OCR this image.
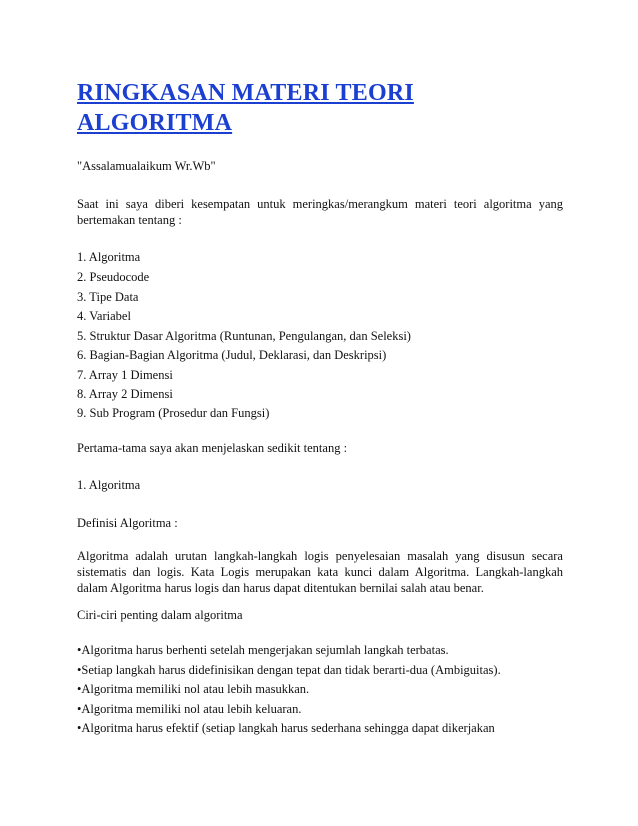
RINGKASAN MATERI TEORI ALGORITMA

"Assalamualaikum Wr.Wb"

Saat ini saya diberi kesempatan untuk meringkas/merangkum materi teori algoritma yang bertemakan tentang :

1. Algoritma
2. Pseudocode
3. Tipe Data
4. Variabel
5. Struktur Dasar Algoritma (Runtunan, Pengulangan, dan Seleksi)
6. Bagian-Bagian Algoritma (Judul, Deklarasi, dan Deskripsi)
7. Array 1 Dimensi
8. Array 2 Dimensi
9. Sub Program (Prosedur dan Fungsi)

Pertama-tama saya akan menjelaskan sedikit tentang :

1. Algoritma

Definisi Algoritma :

Algoritma adalah urutan langkah-langkah logis penyelesaian masalah yang disusun secara sistematis dan logis. Kata Logis merupakan kata kunci dalam Algoritma. Langkah-langkah dalam Algoritma harus logis dan harus dapat ditentukan bernilai salah atau benar.

Ciri-ciri penting dalam algoritma

•Algoritma harus berhenti setelah mengerjakan sejumlah langkah terbatas.
•Setiap langkah harus didefinisikan dengan tepat dan tidak berarti-dua (Ambiguitas).
•Algoritma memiliki nol atau lebih masukkan.
•Algoritma memiliki nol atau lebih keluaran.
•Algoritma harus efektif (setiap langkah harus sederhana sehingga dapat dikerjakan
